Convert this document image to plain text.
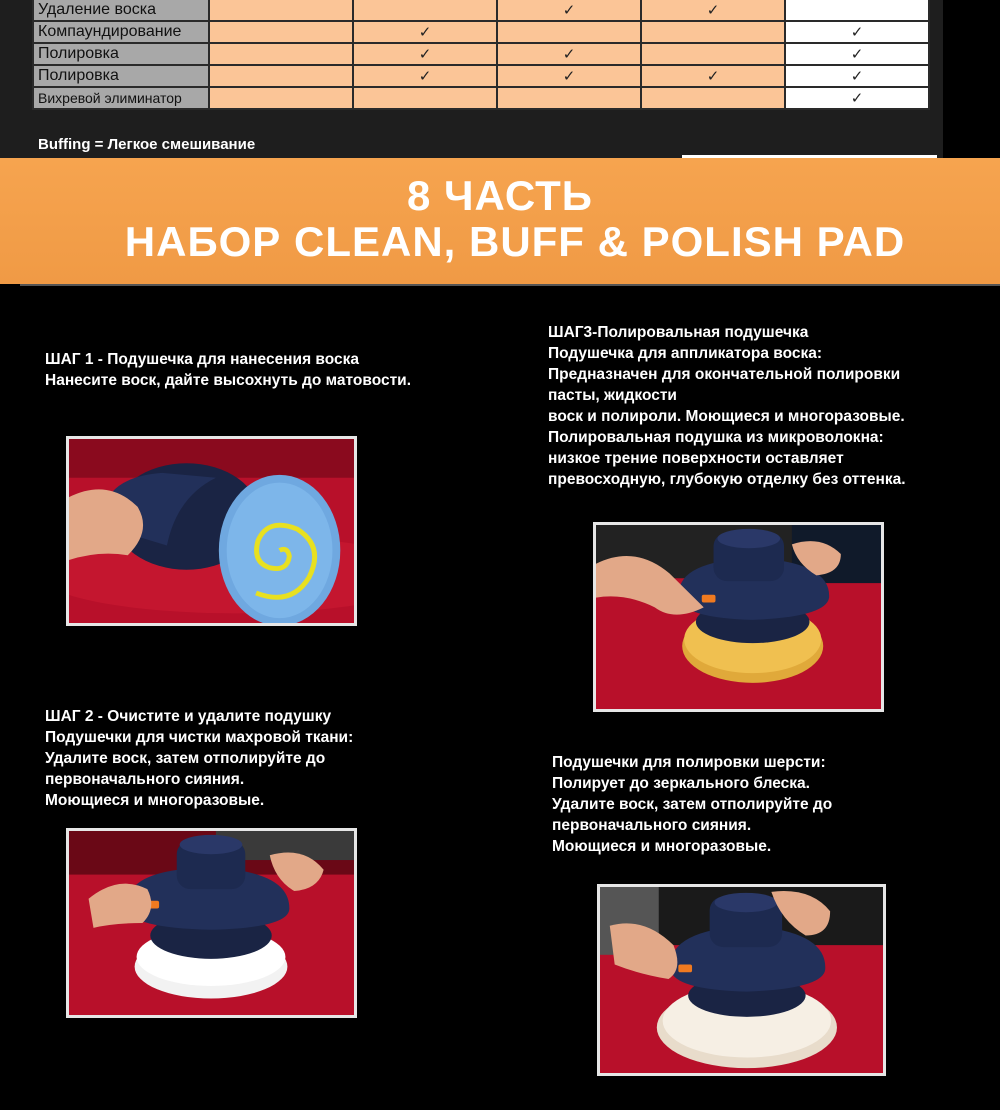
Удаление воска			✓	✓	
Компаундирование		✓			✓
Полировка		✓	✓		✓
Полировка		✓	✓	✓	✓
Вихревой элиминатор					✓
Buffing = Легкое смешивание
8 ЧАСТЬ
НАБОР CLEAN, BUFF & POLISH PAD
ШАГ 1 - Подушечка для нанесения воска
Нанесите воск, дайте высохнуть до матовости.
ШАГ 2 - Очистите и удалите подушку
Подушечки для чистки махровой ткани:
Удалите воск, затем отполируйте до
первоначального сияния.
Моющиеся и многоразовые.
ШАГ3-Полировальная подушечка
Подушечка для аппликатора воска:
Предназначен для окончательной полировки
пасты, жидкости
воск и полироли. Моющиеся и многоразовые.
Полировальная подушка из микроволокна:
низкое трение поверхности оставляет
превосходную, глубокую отделку без оттенка.
Подушечки для полировки шерсти:
Полирует до зеркального блеска.
Удалите воск, затем отполируйте до
первоначального сияния.
Моющиеся и многоразовые.
